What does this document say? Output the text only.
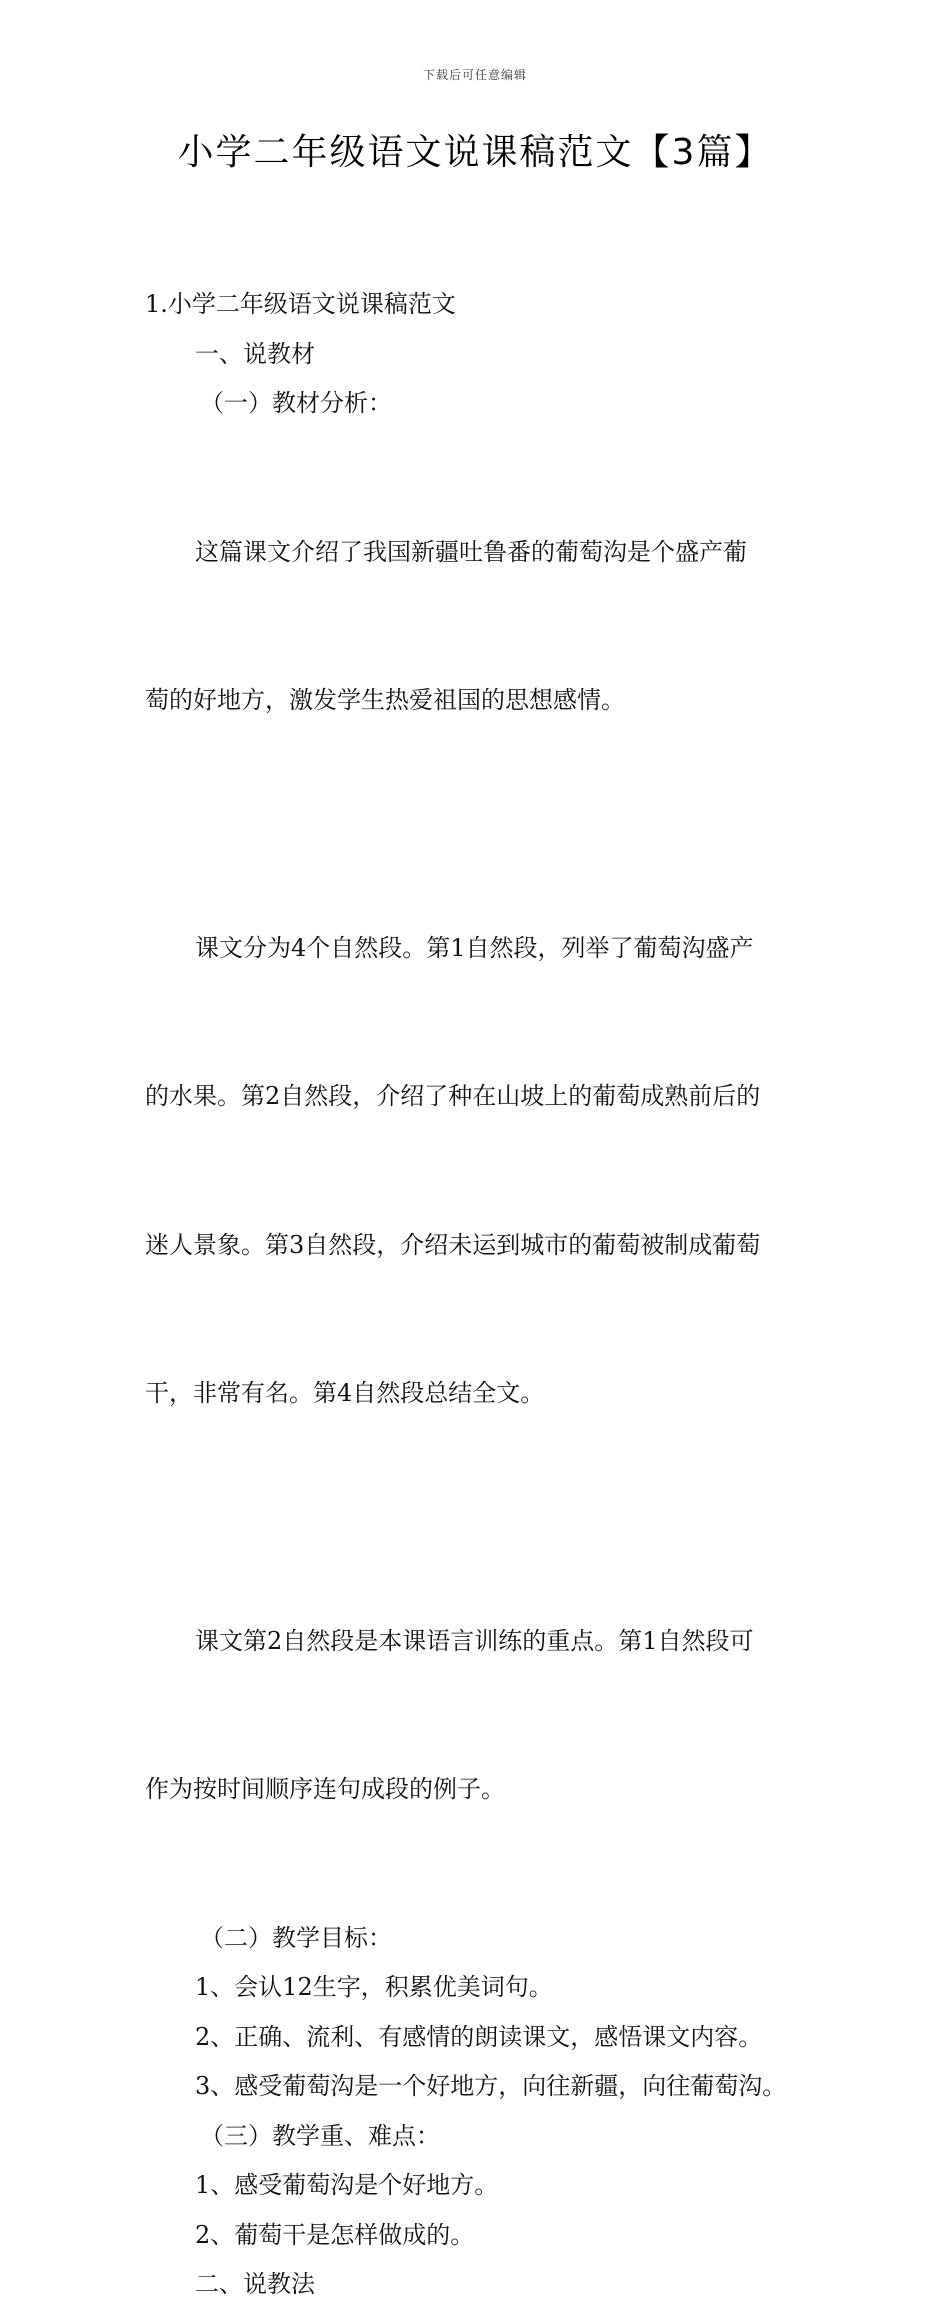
下载后可任意编辑
小学二年级语文说课稿范文【3篇】

1.小学二年级语文说课稿范文

一、说教材

（一）教材分析：

这篇课文介绍了我国新疆吐鲁番的葡萄沟是个盛产葡

萄的好地方，激发学生热爱祖国的思想感情。

课文分为4个自然段。第1自然段，列举了葡萄沟盛产

的水果。第2自然段，介绍了种在山坡上的葡萄成熟前后的

迷人景象。第3自然段，介绍未运到城市的葡萄被制成葡萄

干，非常有名。第4自然段总结全文。

课文第2自然段是本课语言训练的重点。第1自然段可

作为按时间顺序连句成段的例子。

（二）教学目标：

1、会认12生字，积累优美词句。

2、正确、流利、有感情的朗读课文，感悟课文内容。

3、感受葡萄沟是一个好地方，向往新疆，向往葡萄沟。

（三）教学重、难点：

1、感受葡萄沟是个好地方。

2、葡萄干是怎样做成的。

二、说教法
